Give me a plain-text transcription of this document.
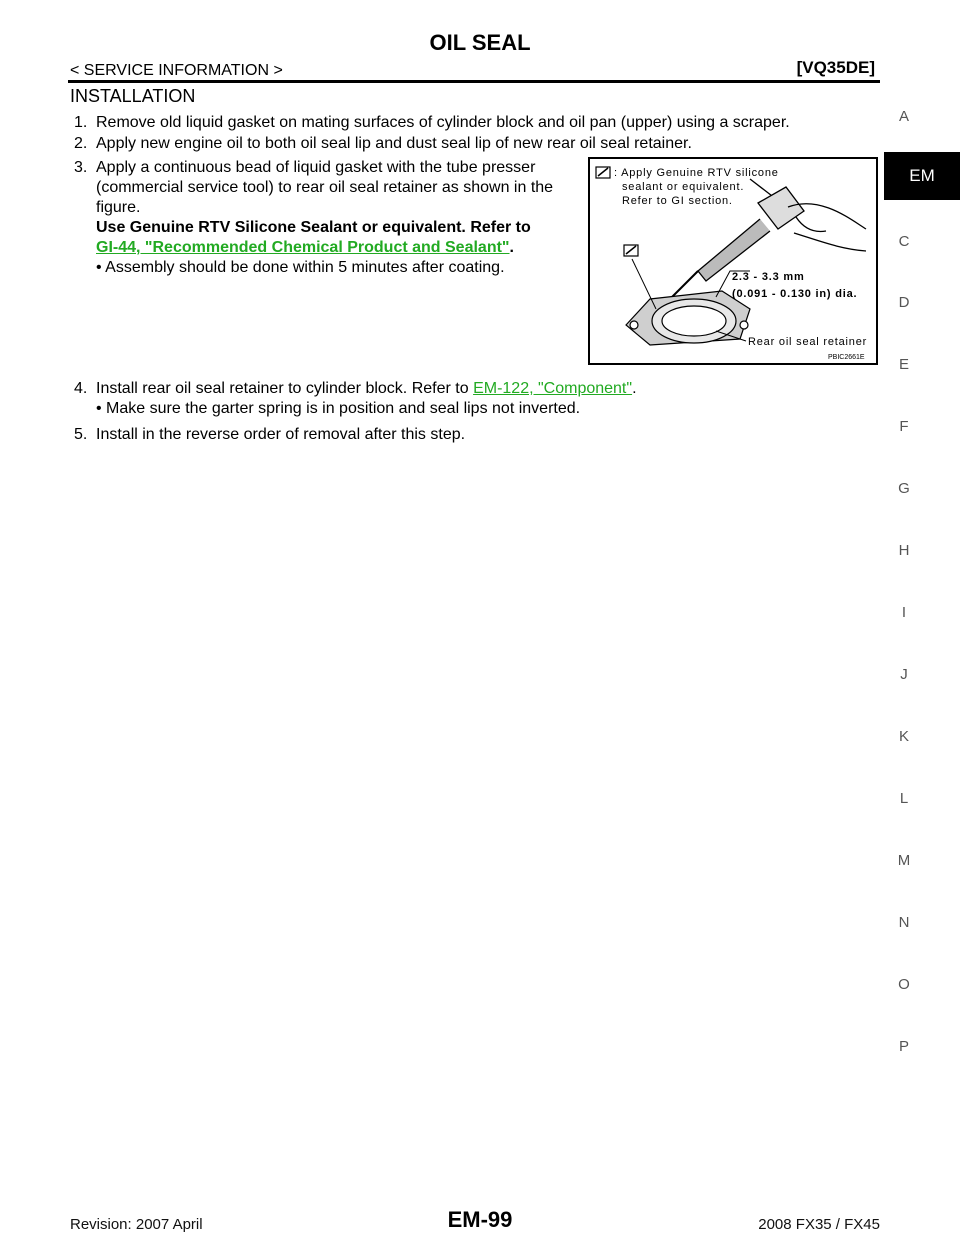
OIL SEAL
< SERVICE INFORMATION >	[VQ35DE]
INSTALLATION
1. Remove old liquid gasket on mating surfaces of cylinder block and oil pan (upper) using a scraper.
2. Apply new engine oil to both oil seal lip and dust seal lip of new rear oil seal retainer.
3. Apply a continuous bead of liquid gasket with the tube presser
(commercial service tool) to rear oil seal retainer as shown in the
figure.
Use Genuine RTV Silicone Sealant or equivalent. Refer to
GI-44, "Recommended Chemical Product and Sealant".
• Assembly should be done within 5 minutes after coating.
: Apply Genuine RTV silicone
sealant or equivalent.
Refer to GI section.
2.3 - 3.3 mm
(0.091 - 0.130 in) dia.
Rear oil seal retainer
PBIC2661E
4. Install rear oil seal retainer to cylinder block. Refer to EM-122, "Component".
• Make sure the garter spring is in position and seal lips not inverted.
5. Install in the reverse order of removal after this step.
A
EM
C
D
E
F
G
H
I
J
K
L
M
N
O
P
Revision: 2007 April	EM-99	2008 FX35 / FX45
